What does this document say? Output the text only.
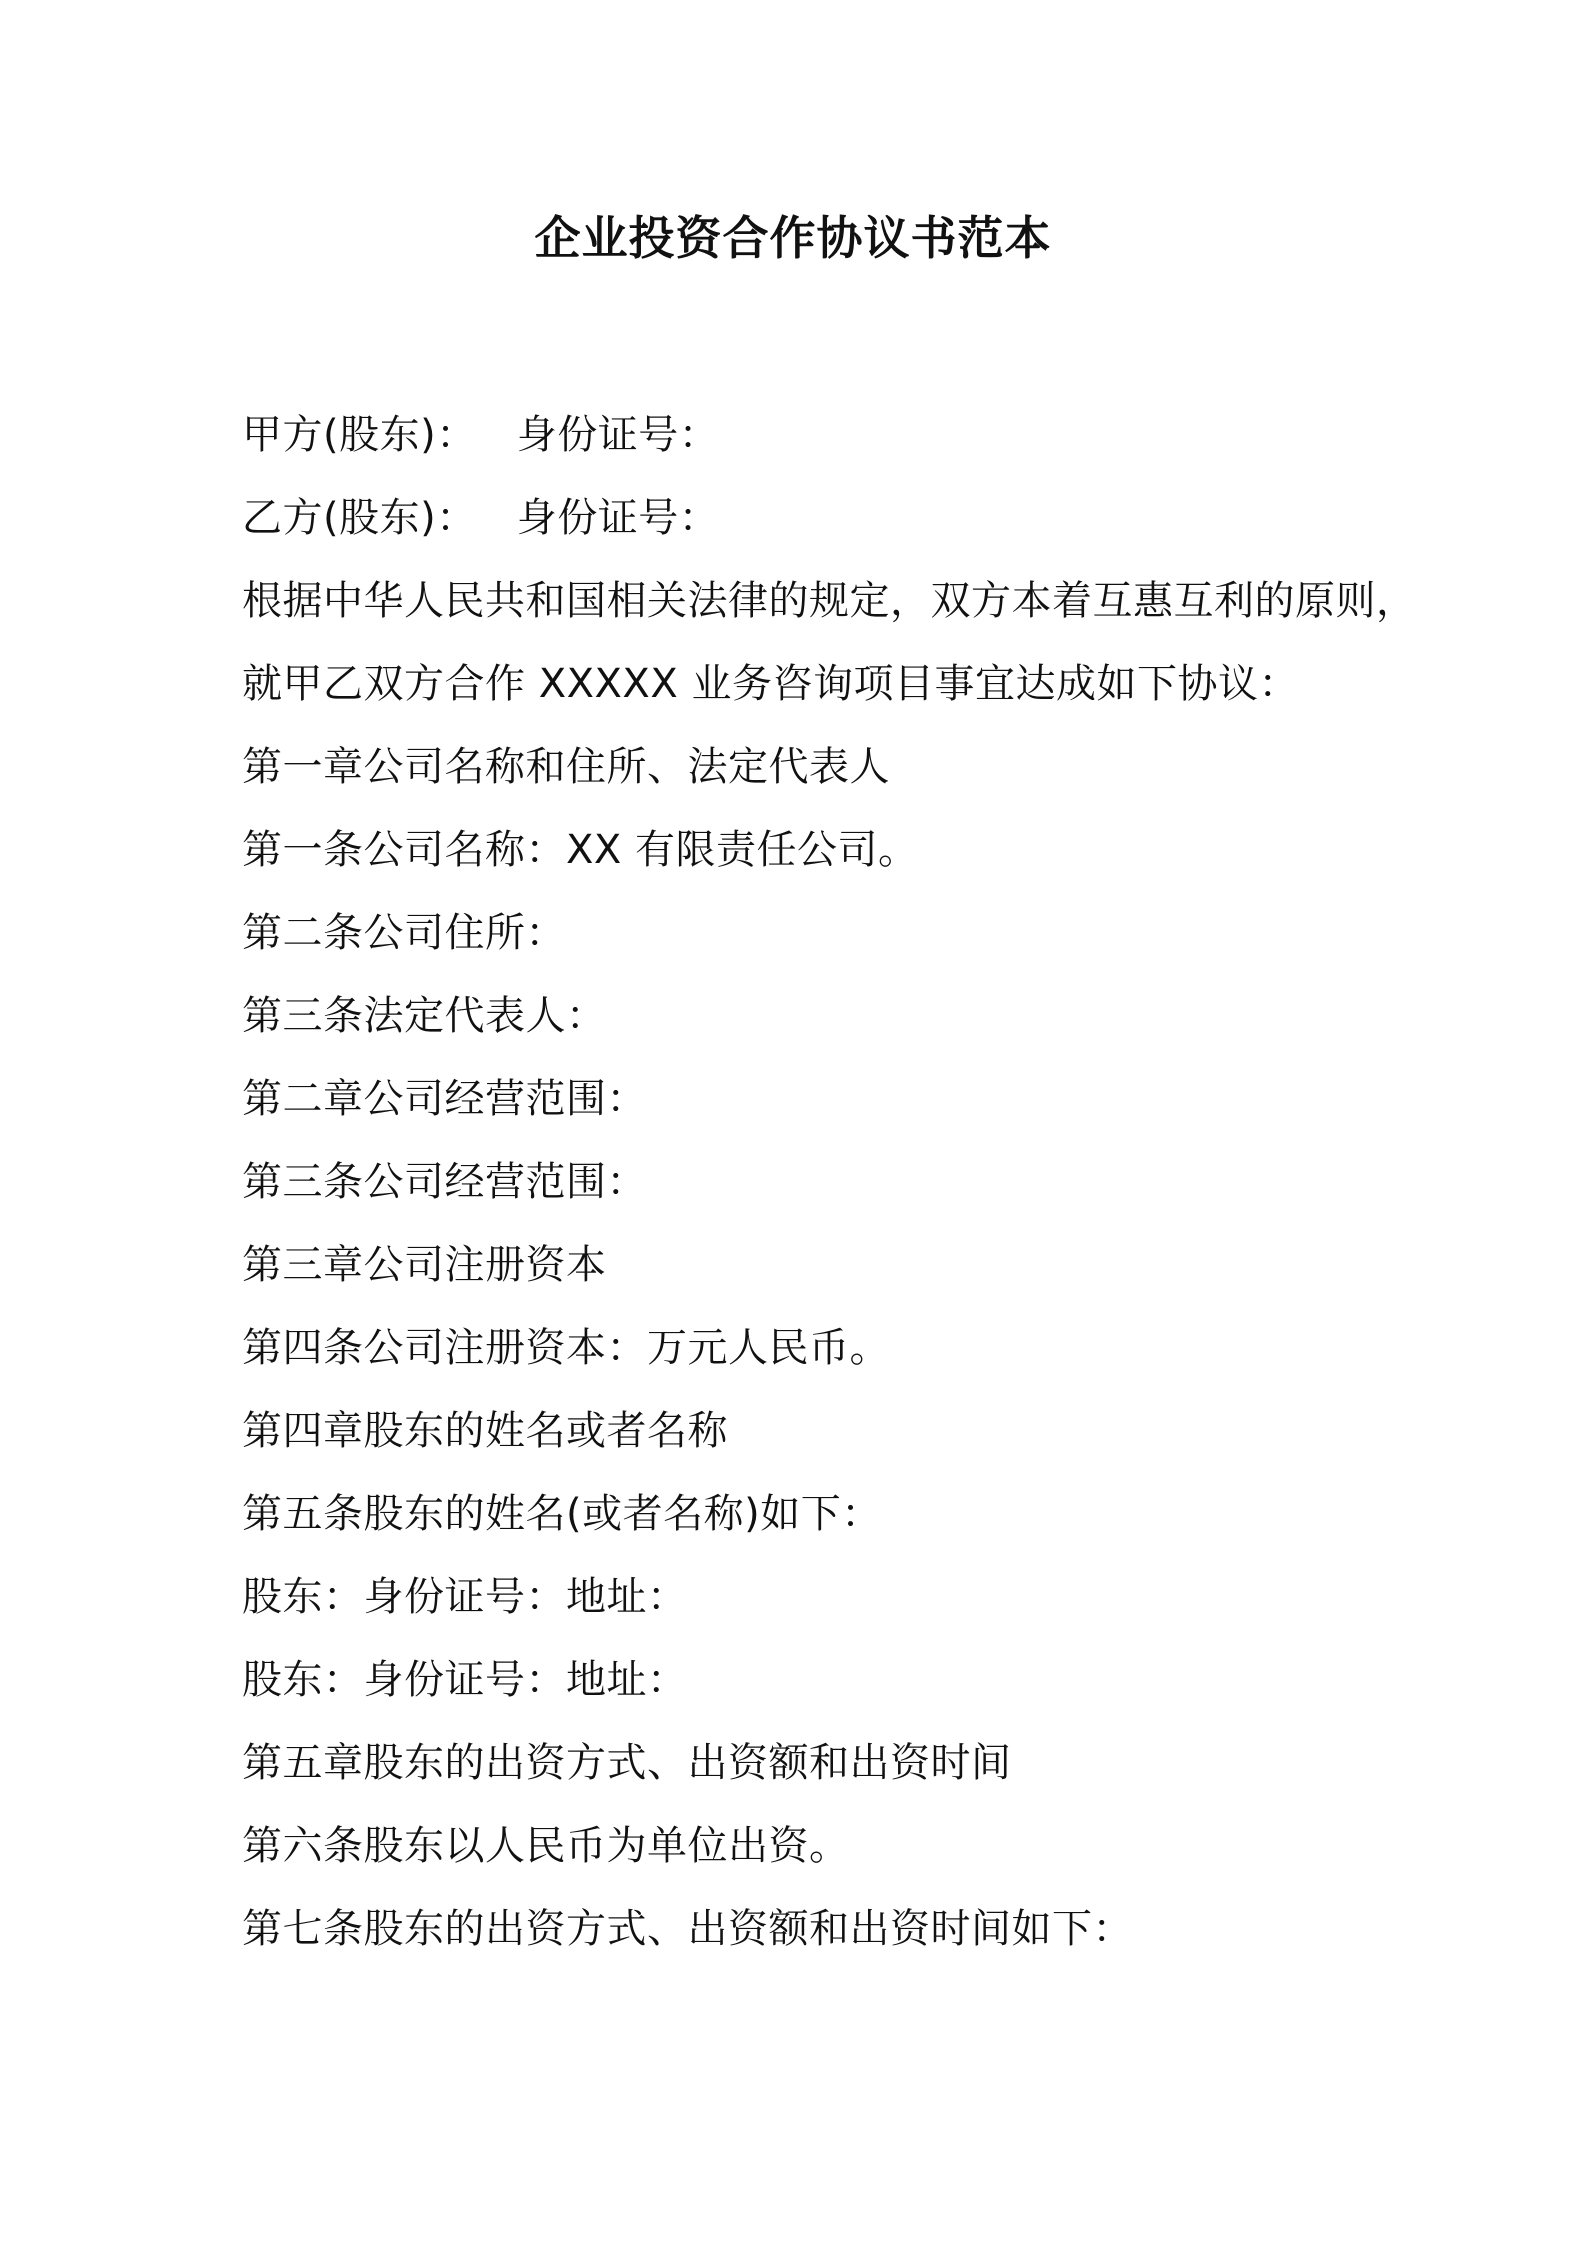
企业投资合作协议书范本
甲方(股东)： 身份证号：
乙方(股东)： 身份证号：
根据中华人民共和国相关法律的规定，双方本着互惠互利的原则，
就甲乙双方合作 XXXXX 业务咨询项目事宜达成如下协议：
第一章公司名称和住所、法定代表人
第一条公司名称：XX 有限责任公司。
第二条公司住所：
第三条法定代表人：
第二章公司经营范围：
第三条公司经营范围：
第三章公司注册资本
第四条公司注册资本：万元人民币。
第四章股东的姓名或者名称
第五条股东的姓名(或者名称)如下：
股东：身份证号：地址：
股东：身份证号：地址：
第五章股东的出资方式、出资额和出资时间
第六条股东以人民币为单位出资。
第七条股东的出资方式、出资额和出资时间如下：
